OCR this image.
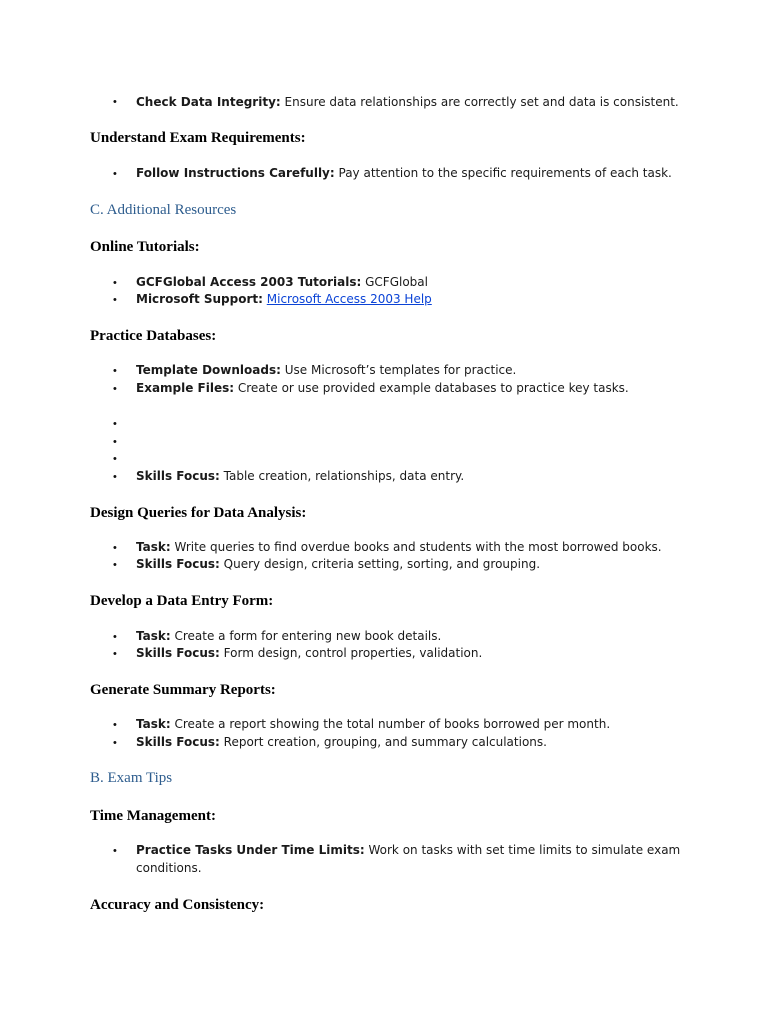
• Check Data Integrity: Ensure data relationships are correctly set and data is consistent.
Understand Exam Requirements:
• Follow Instructions Carefully: Pay attention to the specific requirements of each task.
C. Additional Resources
Online Tutorials:
• GCFGlobal Access 2003 Tutorials: GCFGlobal
• Microsoft Support: Microsoft Access 2003 Help
Practice Databases:
• Template Downloads: Use Microsoft’s templates for practice.
• Example Files: Create or use provided example databases to practice key tasks.
•
•
•
• Skills Focus: Table creation, relationships, data entry.
Design Queries for Data Analysis:
• Task: Write queries to find overdue books and students with the most borrowed books.
• Skills Focus: Query design, criteria setting, sorting, and grouping.
Develop a Data Entry Form:
• Task: Create a form for entering new book details.
• Skills Focus: Form design, control properties, validation.
Generate Summary Reports:
• Task: Create a report showing the total number of books borrowed per month.
• Skills Focus: Report creation, grouping, and summary calculations.
B. Exam Tips
Time Management:
• Practice Tasks Under Time Limits: Work on tasks with set time limits to simulate exam
conditions.
Accuracy and Consistency:
